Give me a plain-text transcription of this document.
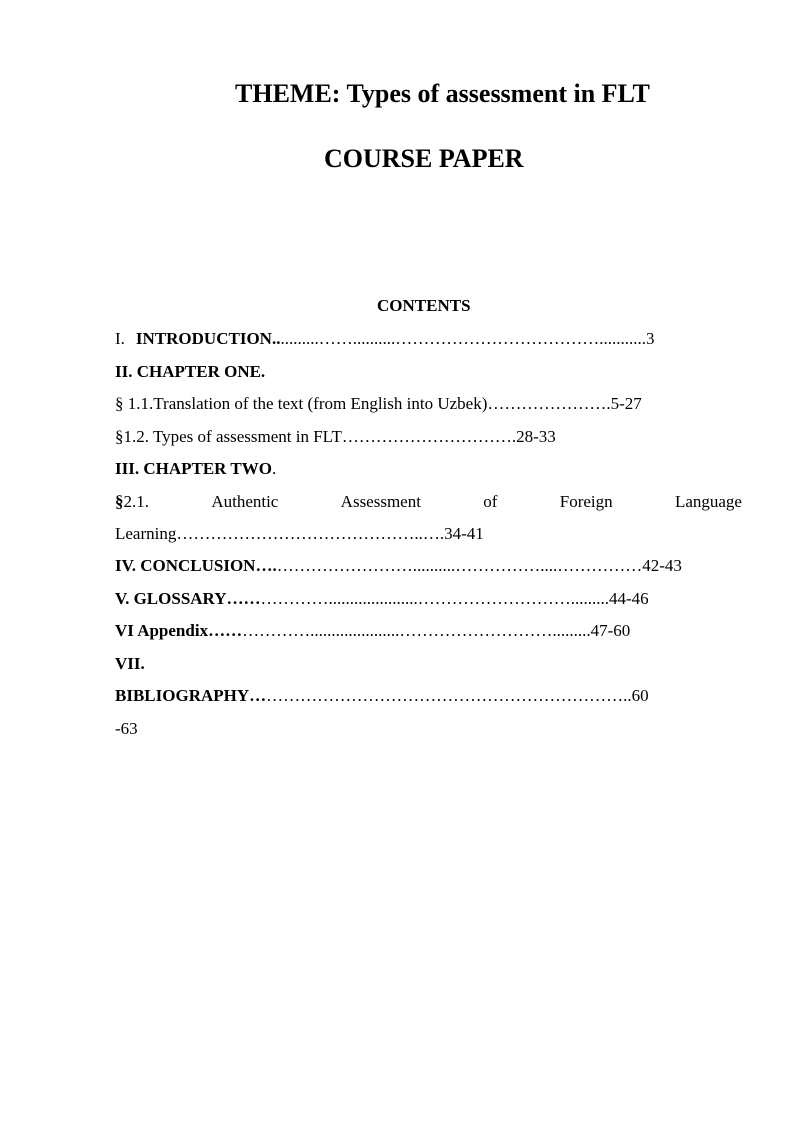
THEME: Types of assessment in FLT
COURSE PAPER
CONTENTS
I. INTRODUCTION...........……..........………………………………...........3
II. CHAPTER ONE.
§ 1.1.Translation of the text (from English into Uzbek)………………….5-27
§1.2. Types of assessment in FLT………………………….28-33
III. CHAPTER TWO.
§2.1.	Authentic	Assessment	of	Foreign	Language
Learning……………………………………..….34-41
IV. CONCLUSION….……………………..........……………....……………42-43
V. GLOSSARY……………….....................……………………….........44-46
VI Appendix……………….....................……………………….........47-60
VII.
BIBLIOGRAPHY…………………………………………………………..60
-63
